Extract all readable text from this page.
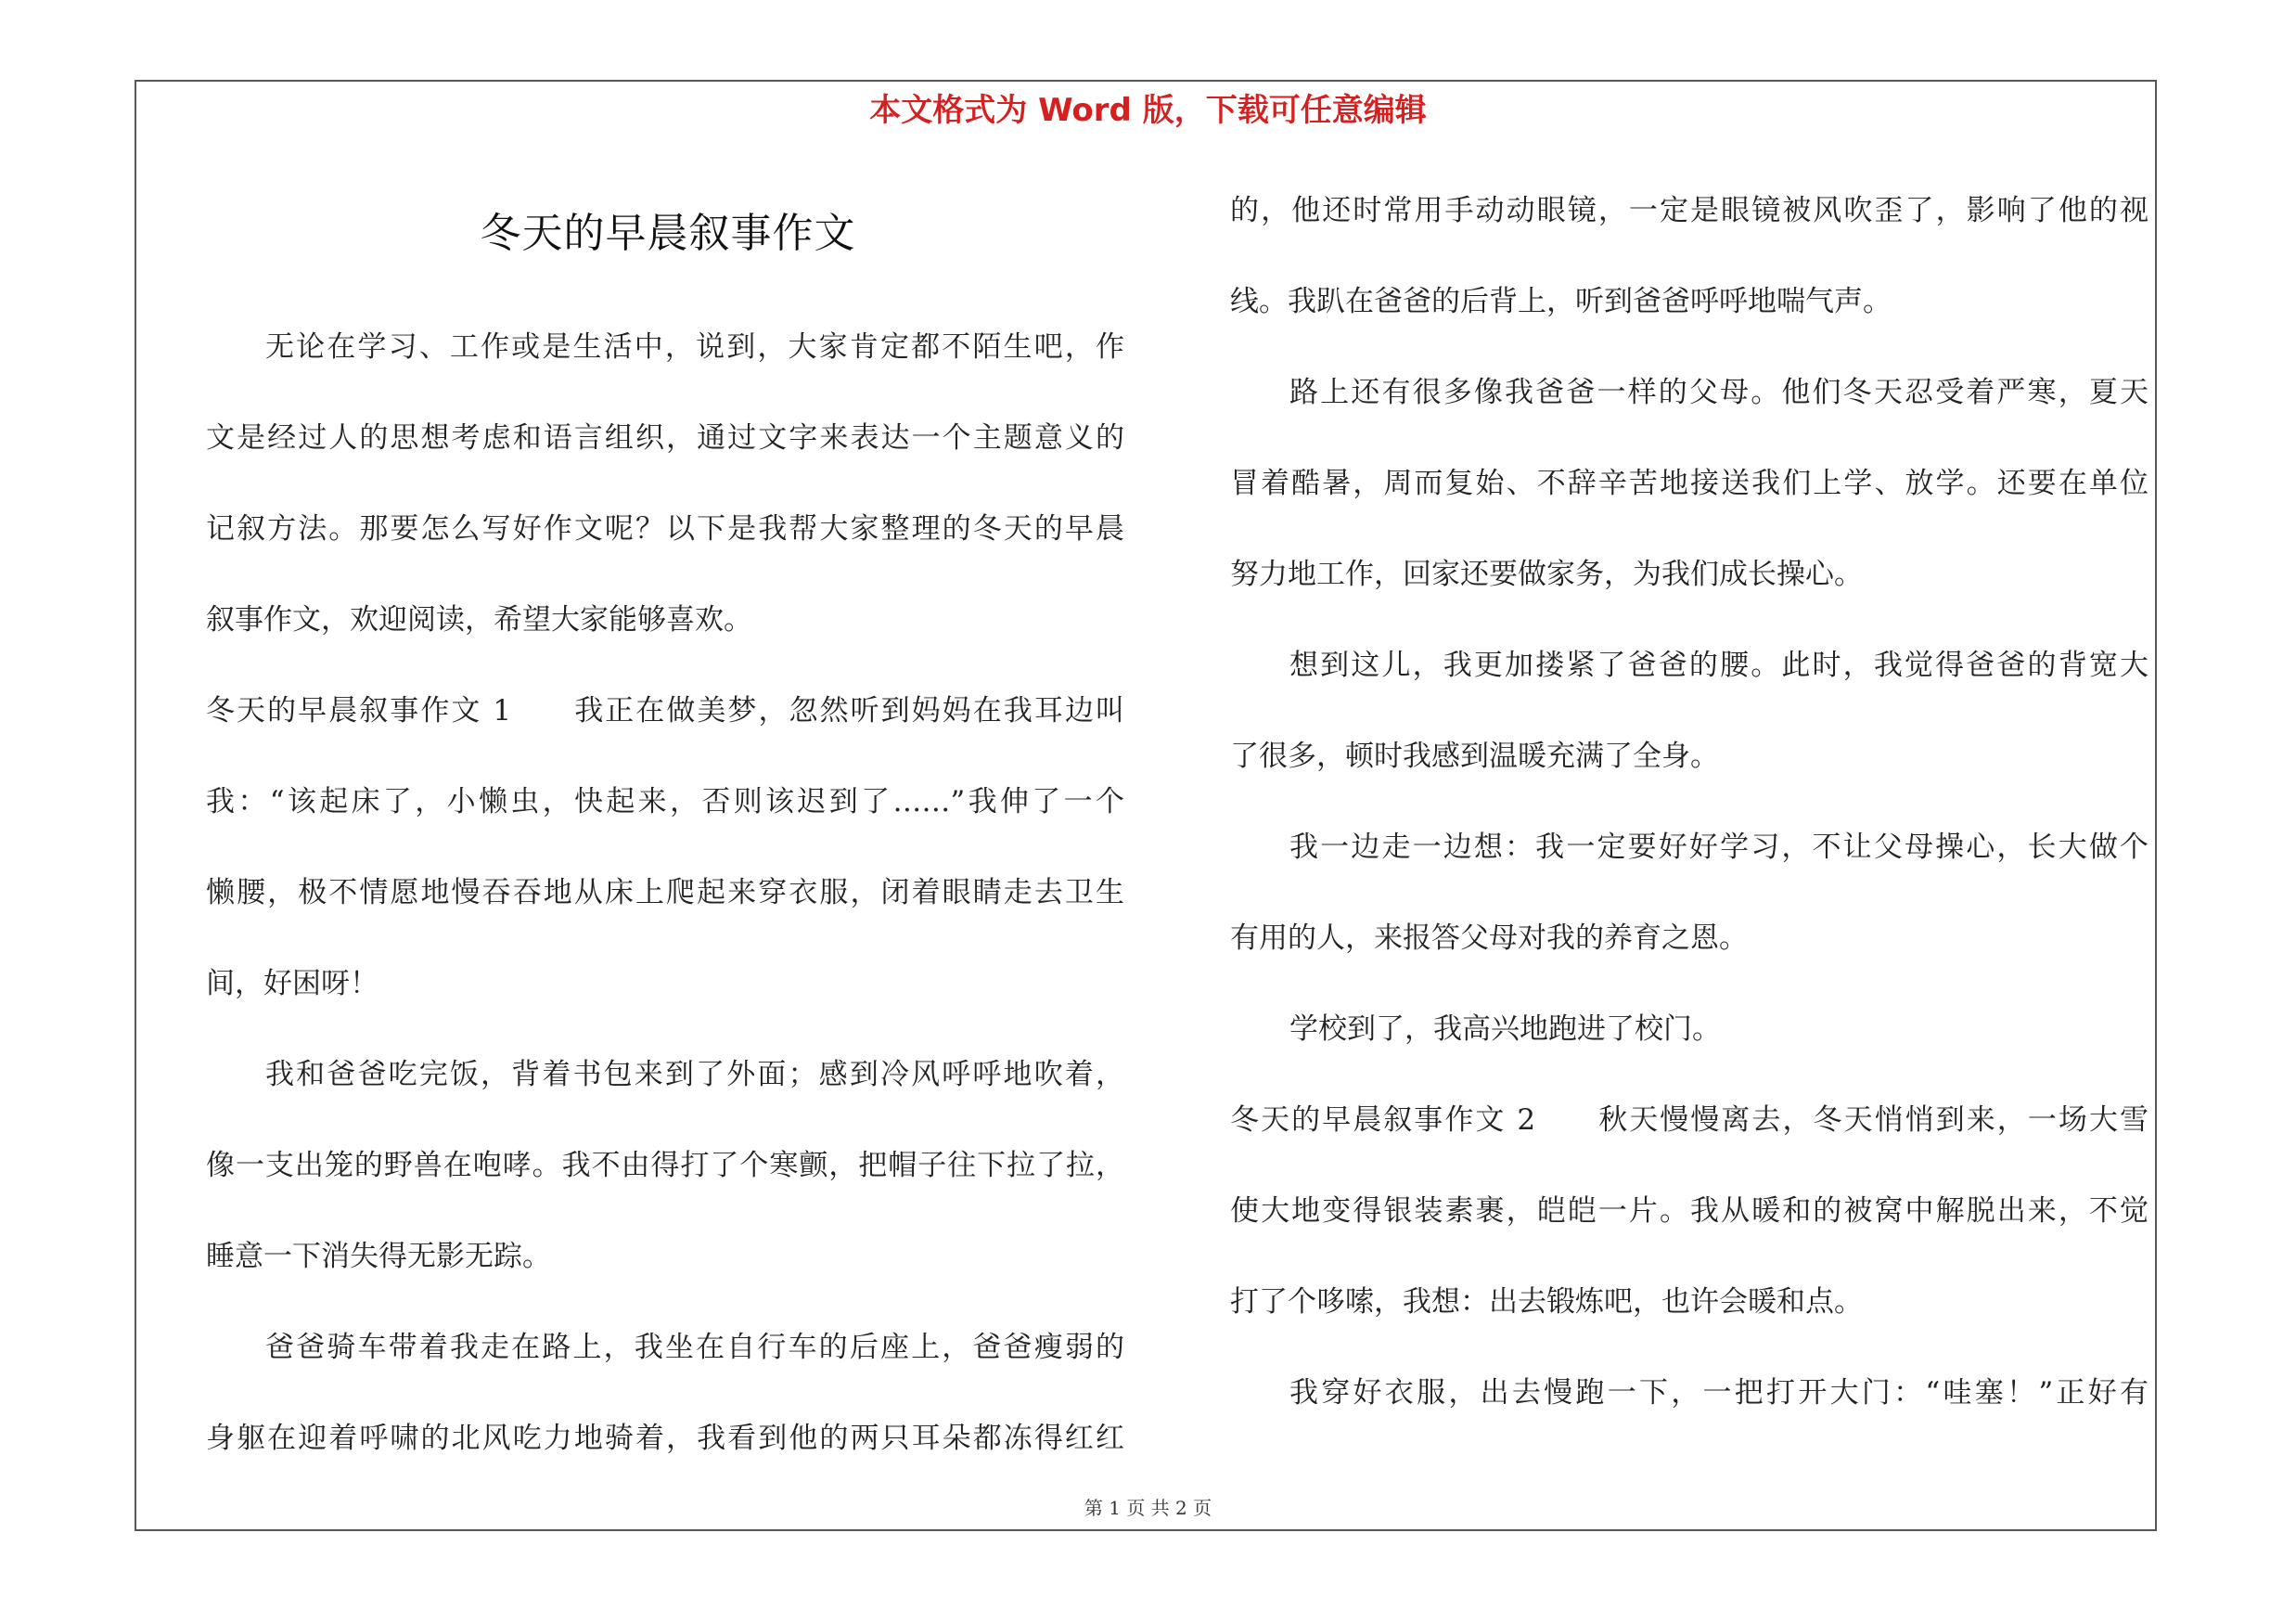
本文格式为 Word 版，下载可任意编辑
冬天的早晨叙事作文
无论在学习、工作或是生活中，说到，大家肯定都不陌生吧，作
文是经过人的思想考虑和语言组织，通过文字来表达一个主题意义的
记叙方法。那要怎么写好作文呢？以下是我帮大家整理的冬天的早晨
叙事作文，欢迎阅读，希望大家能够喜欢。
冬天的早晨叙事作文 1　　我正在做美梦，忽然听到妈妈在我耳边叫
我：“该起床了，小懒虫，快起来，否则该迟到了……”我伸了一个
懒腰，极不情愿地慢吞吞地从床上爬起来穿衣服，闭着眼睛走去卫生
间，好困呀！
我和爸爸吃完饭，背着书包来到了外面；感到冷风呼呼地吹着，
像一支出笼的野兽在咆哮。我不由得打了个寒颤，把帽子往下拉了拉，
睡意一下消失得无影无踪。
爸爸骑车带着我走在路上，我坐在自行车的后座上，爸爸瘦弱的
身躯在迎着呼啸的北风吃力地骑着，我看到他的两只耳朵都冻得红红
的，他还时常用手动动眼镜，一定是眼镜被风吹歪了，影响了他的视
线。我趴在爸爸的后背上，听到爸爸呼呼地喘气声。
路上还有很多像我爸爸一样的父母。他们冬天忍受着严寒，夏天
冒着酷暑，周而复始、不辞辛苦地接送我们上学、放学。还要在单位
努力地工作，回家还要做家务，为我们成长操心。
想到这儿，我更加搂紧了爸爸的腰。此时，我觉得爸爸的背宽大
了很多，顿时我感到温暖充满了全身。
我一边走一边想：我一定要好好学习，不让父母操心，长大做个
有用的人，来报答父母对我的养育之恩。
学校到了，我高兴地跑进了校门。
冬天的早晨叙事作文 2　　秋天慢慢离去，冬天悄悄到来，一场大雪
使大地变得银装素裹，皑皑一片。我从暖和的被窝中解脱出来，不觉
打了个哆嗦，我想：出去锻炼吧，也许会暖和点。
我穿好衣服，出去慢跑一下，一把打开大门：“哇塞！”正好有
第 1 页 共 2 页
